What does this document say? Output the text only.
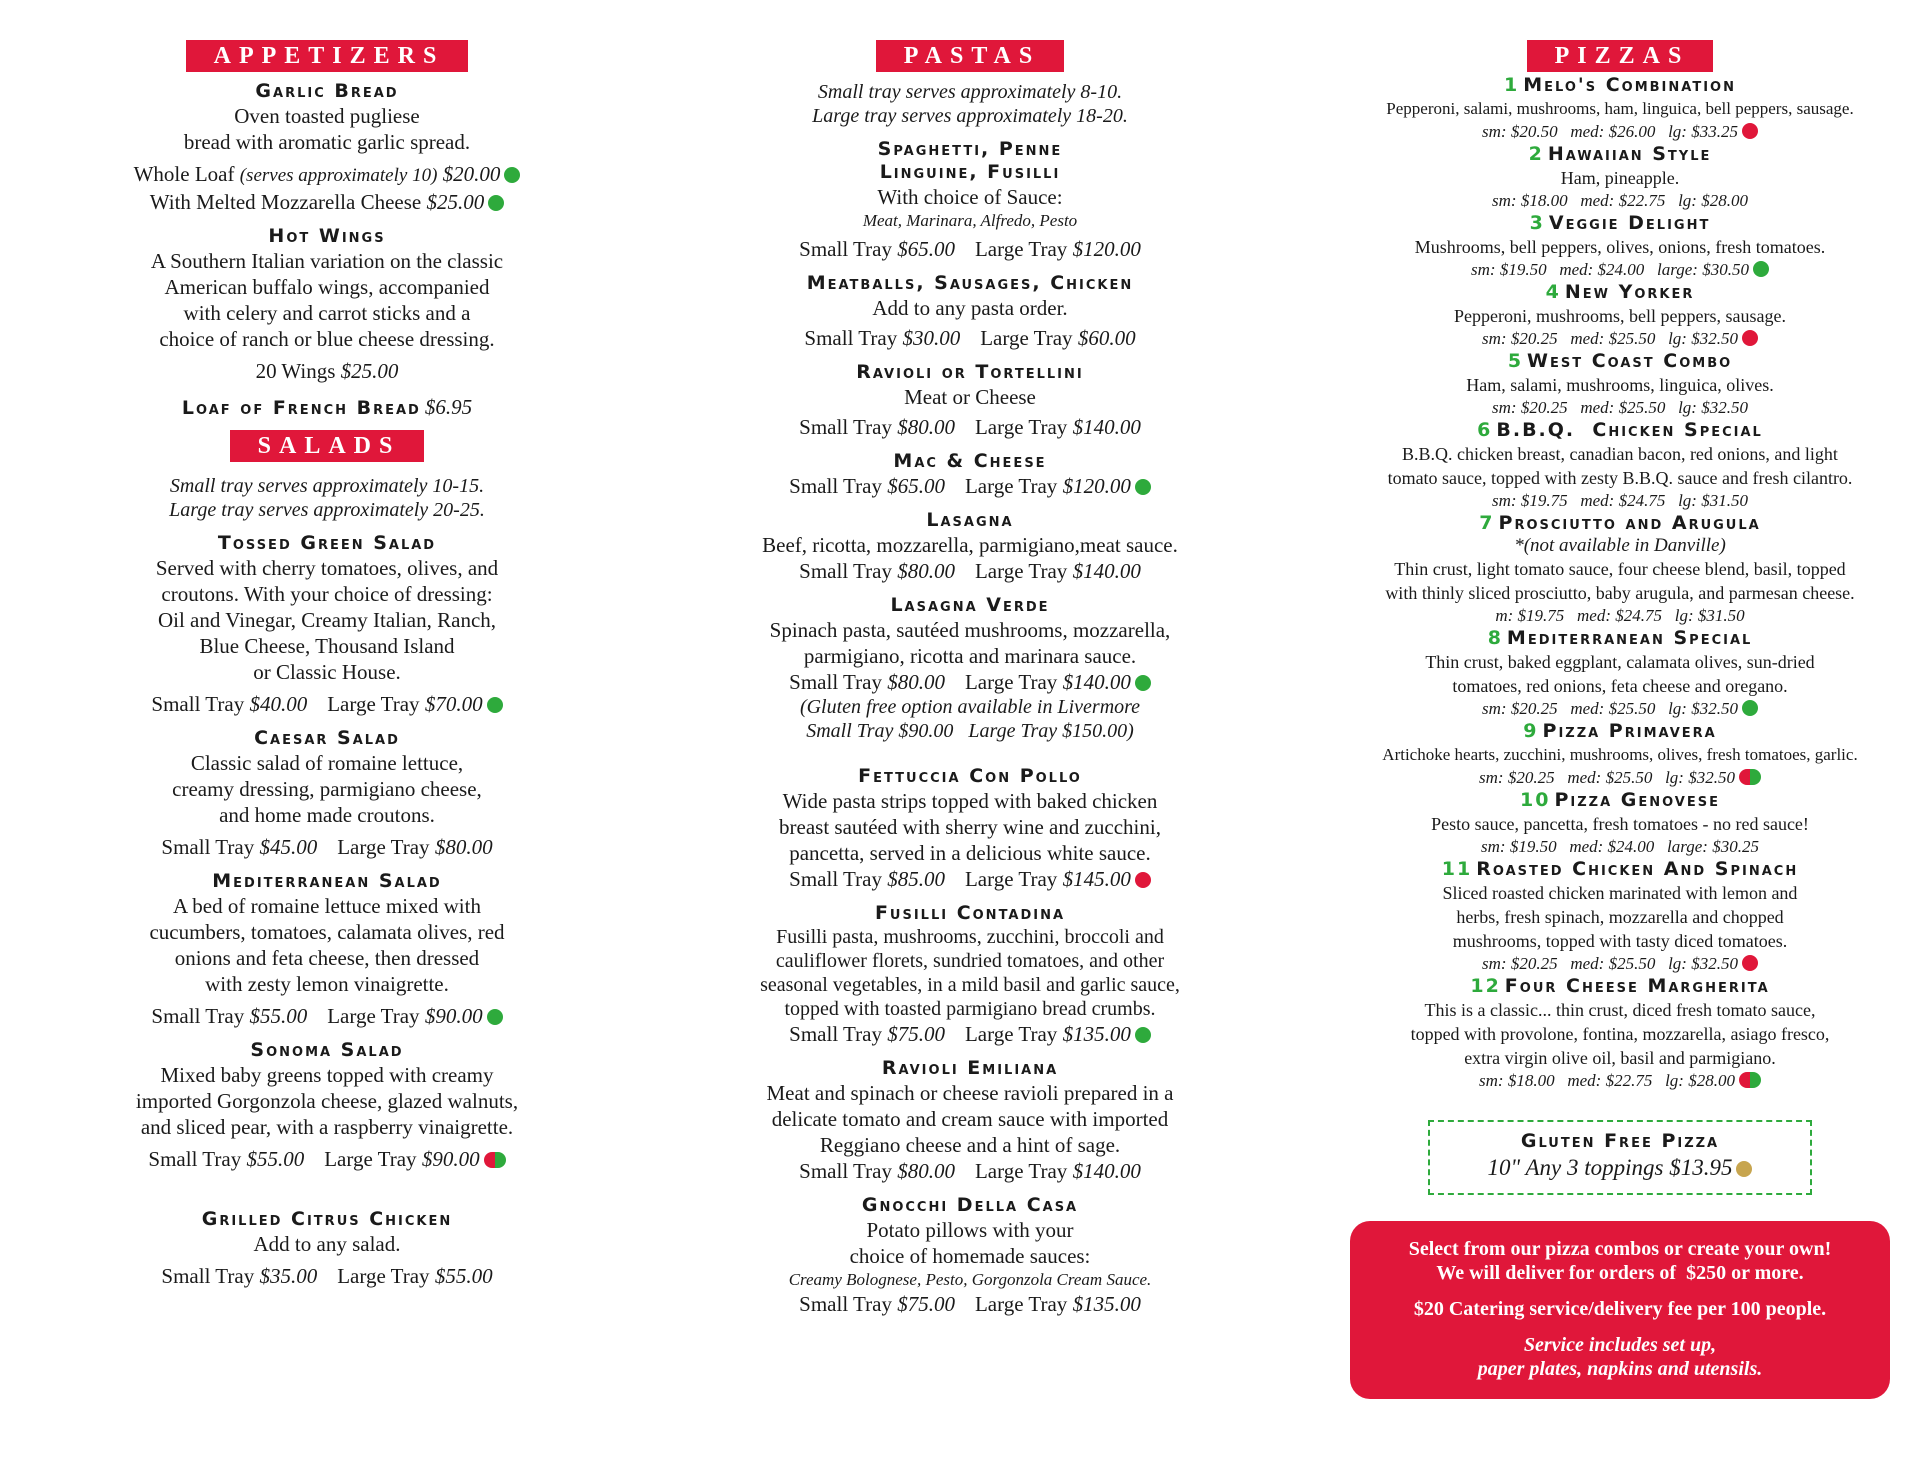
APPETIZERS
Garlic Bread
Oven toasted pugliese
bread with aromatic garlic spread.
Whole Loaf (serves approximately 10) $20.00
With Melted Mozzarella Cheese $25.00
Hot Wings
A Southern Italian variation on the classic
American buffalo wings, accompanied
with celery and carrot sticks and a
choice of ranch or blue cheese dressing.
20 Wings $25.00
Loaf of French Bread $6.95
SALADS
Small tray serves approximately 10-15.
Large tray serves approximately 20-25.
Tossed Green Salad
Served with cherry tomatoes, olives, and
croutons. With your choice of dressing:
Oil and Vinegar, Creamy Italian, Ranch,
Blue Cheese, Thousand Island
or Classic House.
Small Tray $40.00 Large Tray $70.00
Caesar Salad
Classic salad of romaine lettuce,
creamy dressing, parmigiano cheese,
and home made croutons.
Small Tray $45.00 Large Tray $80.00
Mediterranean Salad
A bed of romaine lettuce mixed with
cucumbers, tomatoes, calamata olives, red
onions and feta cheese, then dressed
with zesty lemon vinaigrette.
Small Tray $55.00 Large Tray $90.00
Sonoma Salad
Mixed baby greens topped with creamy
imported Gorgonzola cheese, glazed walnuts,
and sliced pear, with a raspberry vinaigrette.
Small Tray $55.00 Large Tray $90.00
Grilled Citrus Chicken
Add to any salad.
Small Tray $35.00 Large Tray $55.00
PASTAS
Small tray serves approximately 8-10.
Large tray serves approximately 18-20.
Spaghetti, Penne
Linguine, Fusilli
With choice of Sauce:
Meat, Marinara, Alfredo, Pesto
Small Tray $65.00 Large Tray $120.00
Meatballs, Sausages, Chicken
Add to any pasta order.
Small Tray $30.00 Large Tray $60.00
Ravioli or Tortellini
Meat or Cheese
Small Tray $80.00 Large Tray $140.00
Mac & Cheese
Small Tray $65.00 Large Tray $120.00
Lasagna
Beef, ricotta, mozzarella, parmigiano,meat sauce.
Small Tray $80.00 Large Tray $140.00
Lasagna Verde
Spinach pasta, sautéed mushrooms, mozzarella,
parmigiano, ricotta and marinara sauce.
Small Tray $80.00 Large Tray $140.00
(Gluten free option available in Livermore
Small Tray $90.00   Large Tray $150.00)
Fettuccia Con Pollo
Wide pasta strips topped with baked chicken
breast sautéed with sherry wine and zucchini,
pancetta, served in a delicious white sauce.
Small Tray $85.00 Large Tray $145.00
Fusilli Contadina
Fusilli pasta, mushrooms, zucchini, broccoli and
cauliflower florets, sundried tomatoes, and other
seasonal vegetables, in a mild basil and garlic sauce,
topped with toasted parmigiano bread crumbs.
Small Tray $75.00 Large Tray $135.00
Ravioli Emiliana
Meat and spinach or cheese ravioli prepared in a
delicate tomato and cream sauce with imported
Reggiano cheese and a hint of sage.
Small Tray $80.00 Large Tray $140.00
Gnocchi Della Casa
Potato pillows with your
choice of homemade sauces:
Creamy Bolognese, Pesto, Gorgonzola Cream Sauce.
Small Tray $75.00 Large Tray $135.00
PIZZAS
1 Melo's Combination
Pepperoni, salami, mushrooms, ham, linguica, bell peppers, sausage.
sm: $20.50   med: $26.00   lg: $33.25
2 Hawaiian Style
Ham, pineapple.
sm: $18.00   med: $22.75   lg: $28.00
3 Veggie Delight
Mushrooms, bell peppers, olives, onions, fresh tomatoes.
sm: $19.50   med: $24.00   large: $30.50
4 New Yorker
Pepperoni, mushrooms, bell peppers, sausage.
sm: $20.25   med: $25.50   lg: $32.50
5 West Coast Combo
Ham, salami, mushrooms, linguica, olives.
sm: $20.25   med: $25.50   lg: $32.50
6 B.B.Q.  Chicken Special
B.B.Q. chicken breast, canadian bacon, red onions, and light
tomato sauce, topped with zesty B.B.Q. sauce and fresh cilantro.
sm: $19.75   med: $24.75   lg: $31.50
7 Prosciutto and Arugula
*(not available in Danville)
Thin crust, light tomato sauce, four cheese blend, basil, topped
with thinly sliced prosciutto, baby arugula, and parmesan cheese.
m: $19.75   med: $24.75   lg: $31.50
8 Mediterranean Special
Thin crust, baked eggplant, calamata olives, sun-dried
tomatoes, red onions, feta cheese and oregano.
sm: $20.25   med: $25.50   lg: $32.50
9 Pizza Primavera
Artichoke hearts, zucchini, mushrooms, olives, fresh tomatoes, garlic.
sm: $20.25   med: $25.50   lg: $32.50
10 Pizza Genovese
Pesto sauce, pancetta, fresh tomatoes - no red sauce!
sm: $19.50   med: $24.00   large: $30.25
11 Roasted Chicken And Spinach
Sliced roasted chicken marinated with lemon and
herbs, fresh spinach, mozzarella and chopped
mushrooms, topped with tasty diced tomatoes.
sm: $20.25   med: $25.50   lg: $32.50
12 Four Cheese Margherita
This is a classic... thin crust, diced fresh tomato sauce,
topped with provolone, fontina, mozzarella, asiago fresco,
extra virgin olive oil, basil and parmigiano.
sm: $18.00   med: $22.75   lg: $28.00
Gluten Free Pizza
10" Any 3 toppings $13.95
Select from our pizza combos or create your own!
We will deliver for orders of  $250 or more.
$20 Catering service/delivery fee per 100 people.
Service includes set up,
paper plates, napkins and utensils.
